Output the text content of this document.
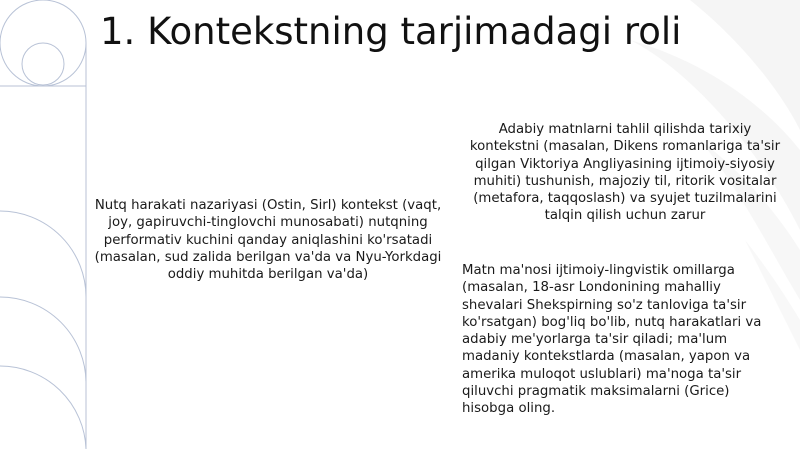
1. Kontekstning tarjimadagi roli

Nutq harakati nazariyasi (Ostin, Sirl) kontekst (vaqt, joy, gapiruvchi-tinglovchi munosabati) nutqning performativ kuchini qanday aniqlashini ko'rsatadi (masalan, sud zalida berilgan va'da va Nyu-Yorkdagi oddiy muhitda berilgan va'da)

Adabiy matnlarni tahlil qilishda tarixiy kontekstni (masalan, Dikens romanlariga ta'sir qilgan Viktoriya Angliyasining ijtimoiy-siyosiy muhiti) tushunish, majoziy til, ritorik vositalar (metafora, taqqoslash) va syujet tuzilmalarini talqin qilish uchun zarur

Matn ma'nosi ijtimoiy-lingvistik omillarga (masalan, 18-asr Londonining mahalliy shevalari Shekspirning so'z tanloviga ta'sir ko'rsatgan) bog'liq bo'lib, nutq harakatlari va adabiy me'yorlarga ta'sir qiladi; ma'lum madaniy kontekstlarda (masalan, yapon va amerika muloqot uslublari) ma'noga ta'sir qiluvchi pragmatik maksimalarni (Grice) hisobga oling.
